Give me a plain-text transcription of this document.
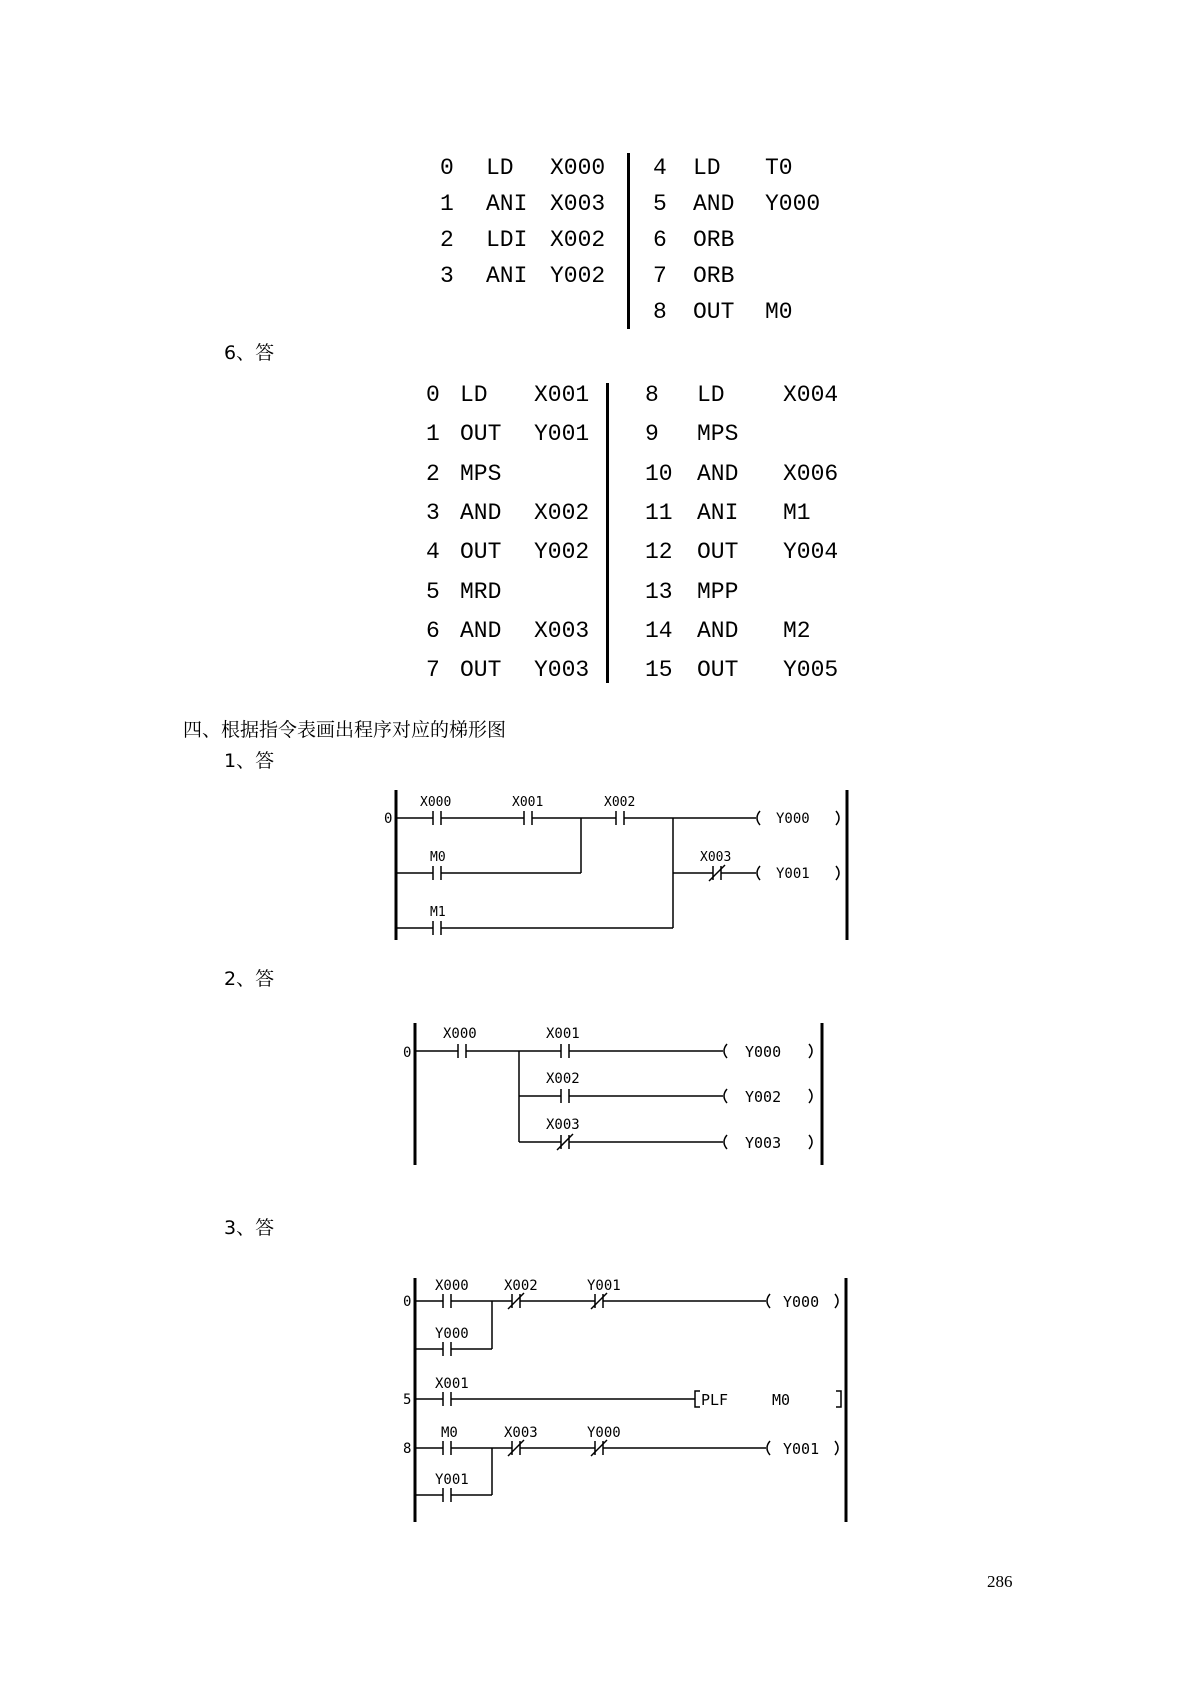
0 LD X000
1 ANI X003
2 LDI X002
3 ANI Y002
4 LD T0
5 AND Y000
6 ORB
7 ORB
8 OUT M0
6、答
0 LD X001
1 OUT Y001
2 MPS
3 AND X002
4 OUT Y002
5 MRD
6 AND X003
7 OUT Y003
8 LD	X004
9 MPS
10 AND X006
11 ANI M1
12 OUT Y004
13 MPP
14 AND M2
15 OUT Y005
四、根据指令表画出程序对应的梯形图
1、答
0
X000	X001	X002
M0	X003
M1
Y000
Y001
2、答
0
X000	X001
X002
X003
Y000
Y002
Y003
3、答
0
5
8
X000	X002	Y001
Y000
X001
M0	X003	Y000
Y001
Y000
PLF	M0
Y001
286
